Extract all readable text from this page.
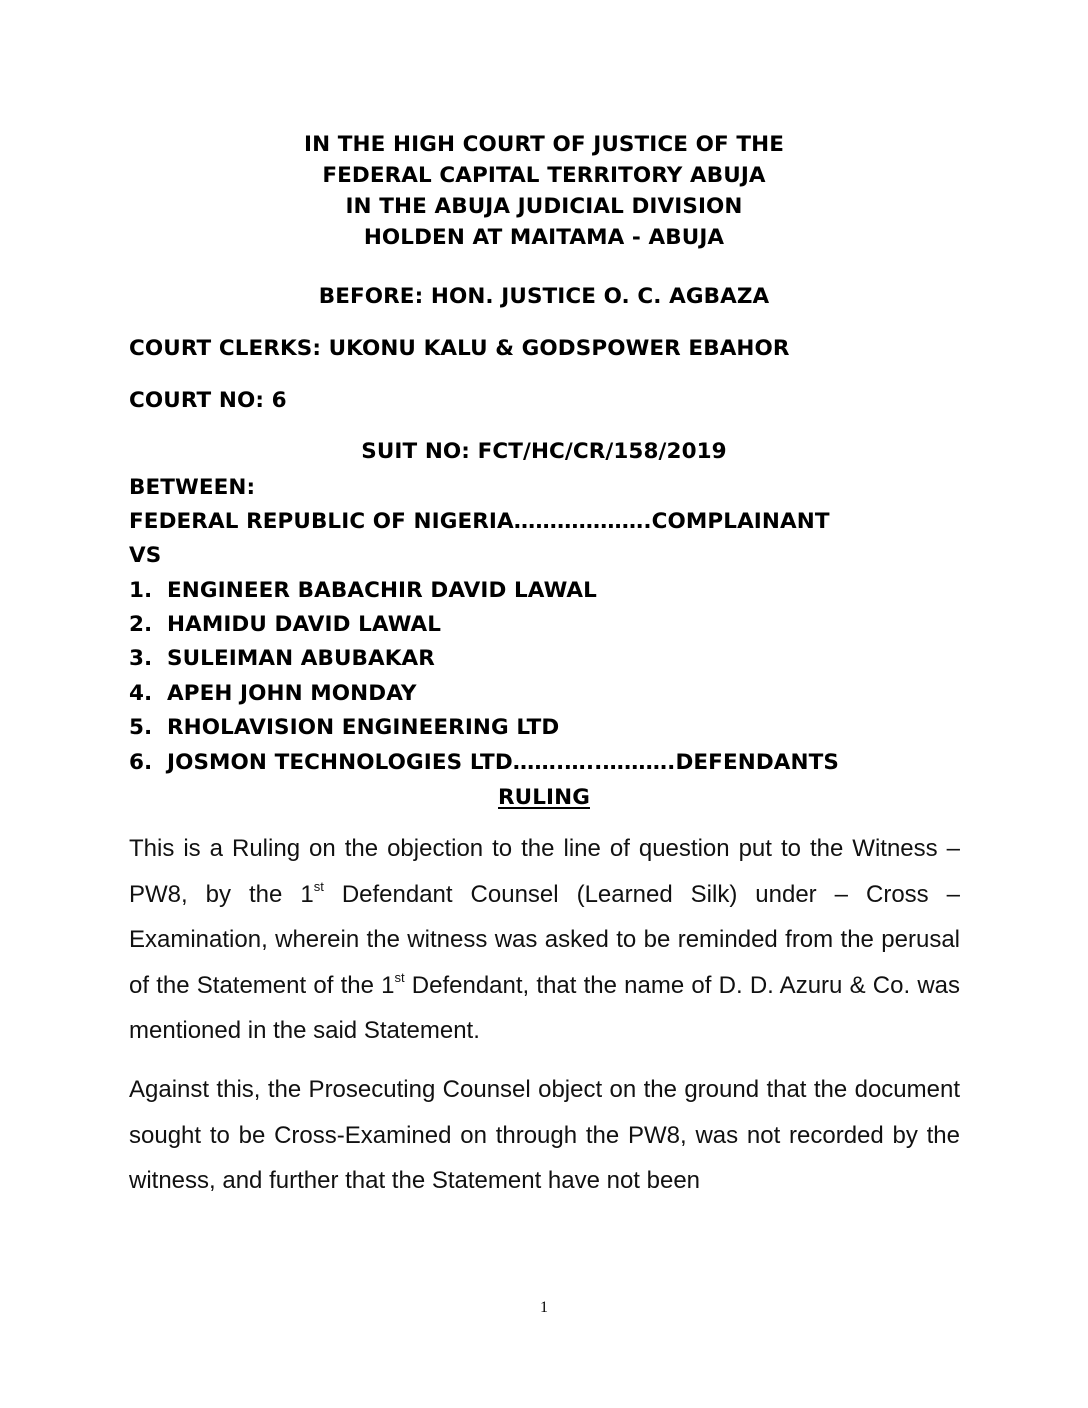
IN THE HIGH COURT OF JUSTICE OF THE
FEDERAL CAPITAL TERRITORY ABUJA
IN THE ABUJA JUDICIAL DIVISION
HOLDEN AT MAITAMA - ABUJA
BEFORE: HON. JUSTICE O. C. AGBAZA
COURT CLERKS: UKONU KALU & GODSPOWER EBAHOR
COURT NO: 6
SUIT NO: FCT/HC/CR/158/2019
BETWEEN:
FEDERAL REPUBLIC OF NIGERIA……………….COMPLAINANT
VS
1. ENGINEER BABACHIR DAVID LAWAL
2. HAMIDU DAVID LAWAL
3. SULEIMAN ABUBAKAR
4. APEH JOHN MONDAY
5. RHOLAVISION ENGINEERING LTD
6. JOSMON TECHNOLOGIES LTD…….…..……….DEFENDANTS
RULING
This is a Ruling on the objection to the line of question put to the Witness – PW8, by the 1st Defendant Counsel (Learned Silk) under – Cross – Examination, wherein the witness was asked to be reminded from the perusal of the Statement of the 1st Defendant, that the name of D. D. Azuru & Co. was mentioned in the said Statement.
Against this, the Prosecuting Counsel object on the ground that the document sought to be Cross-Examined on through the PW8, was not recorded by the witness, and further that the Statement have not been
1
